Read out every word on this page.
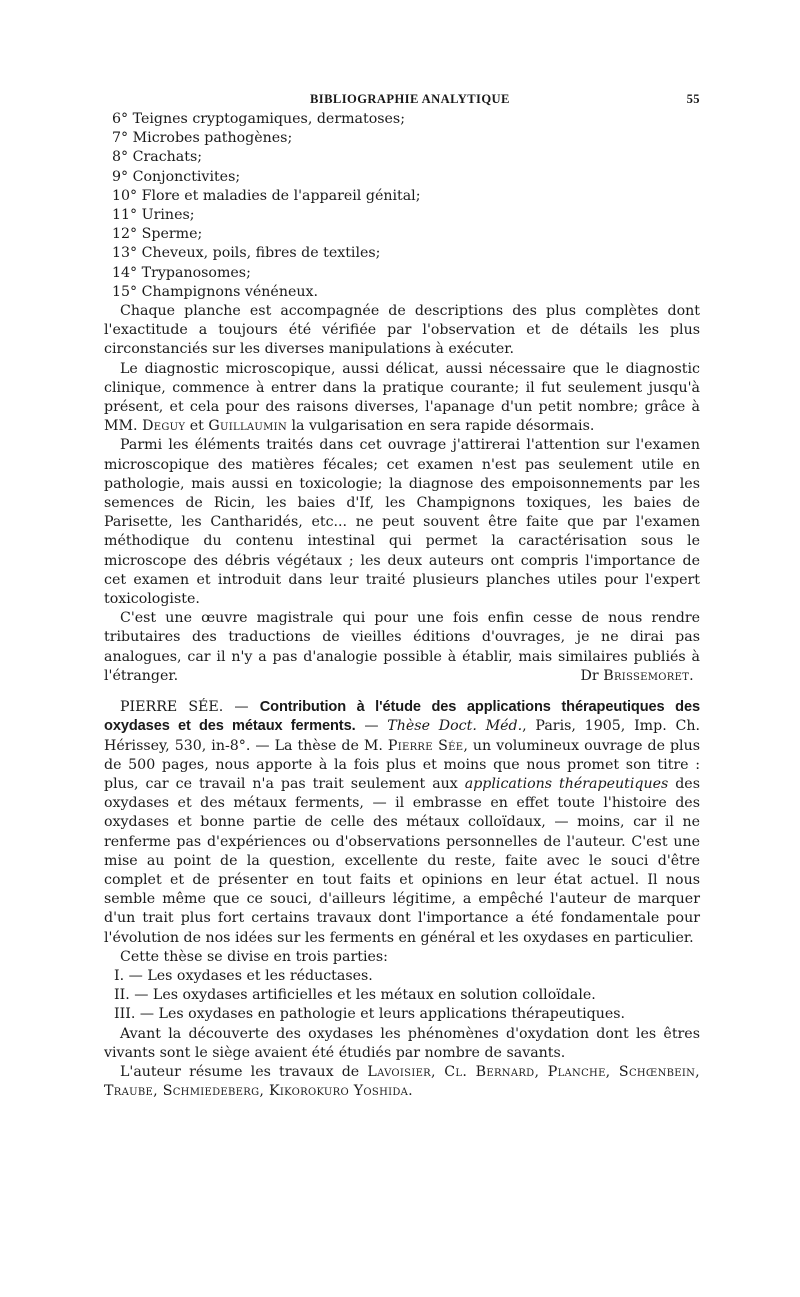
BIBLIOGRAPHIE ANALYTIQUE	55
6° Teignes cryptogamiques, dermatoses;
7° Microbes pathogènes;
8° Crachats;
9° Conjonctivites;
10° Flore et maladies de l'appareil génital;
11° Urines;
12° Sperme;
13° Cheveux, poils, fibres de textiles;
14° Trypanosomes;
15° Champignons vénéneux.

Chaque planche est accompagnée de descriptions des plus complètes dont l'exactitude a toujours été vérifiée par l'observation et de détails les plus circonstanciés sur les diverses manipulations à exécuter.

Le diagnostic microscopique, aussi délicat, aussi nécessaire que le diagnostic clinique, commence à entrer dans la pratique courante; il fut seulement jusqu'à présent, et cela pour des raisons diverses, l'apanage d'un petit nombre; grâce à MM. Deguy et Guillaumin la vulgarisation en sera rapide désormais.

Parmi les éléments traités dans cet ouvrage j'attirerai l'attention sur l'examen microscopique des matières fécales; cet examen n'est pas seulement utile en pathologie, mais aussi en toxicologie; la diagnose des empoisonnements par les semences de Ricin, les baies d'If, les Champignons toxiques, les baies de Parisette, les Cantharidés, etc... ne peut souvent être faite que par l'examen méthodique du contenu intestinal qui permet la caractérisation sous le microscope des débris végétaux ; les deux auteurs ont compris l'importance de cet examen et introduit dans leur traité plusieurs planches utiles pour l'expert toxicologiste.

C'est une œuvre magistrale qui pour une fois enfin cesse de nous rendre tributaires des traductions de vieilles éditions d'ouvrages, je ne dirai pas analogues, car il n'y a pas d'analogie possible à établir, mais similaires publiés à l'étranger.	Dr Brissemoret.

PIERRE SÉE. — Contribution à l'étude des applications thérapeutiques des oxydases et des métaux ferments. — Thèse Doct. Méd., Paris, 1905, Imp. Ch. Hérissey, 530, in-8°. — La thèse de M. Pierre Sée, un volumineux ouvrage de plus de 500 pages, nous apporte à la fois plus et moins que nous promet son titre : plus, car ce travail n'a pas trait seulement aux applications thérapeutiques des oxydases et des métaux ferments, — il embrasse en effet toute l'histoire des oxydases et bonne partie de celle des métaux colloïdaux, — moins, car il ne renferme pas d'expériences ou d'observations personnelles de l'auteur. C'est une mise au point de la question, excellente du reste, faite avec le souci d'être complet et de présenter en tout faits et opinions en leur état actuel. Il nous semble même que ce souci, d'ailleurs légitime, a empêché l'auteur de marquer d'un trait plus fort certains travaux dont l'importance a été fondamentale pour l'évolution de nos idées sur les ferments en général et les oxydases en particulier.

Cette thèse se divise en trois parties:

I. — Les oxydases et les réductases.
II. — Les oxydases artificielles et les métaux en solution colloïdale.
III. — Les oxydases en pathologie et leurs applications thérapeutiques.

Avant la découverte des oxydases les phénomènes d'oxydation dont les êtres vivants sont le siège avaient été étudiés par nombre de savants.

L'auteur résume les travaux de Lavoisier, Cl. Bernard, Planche, Schœnbein, Traube, Schmiedeberg, Kikorokuro Yoshida.
